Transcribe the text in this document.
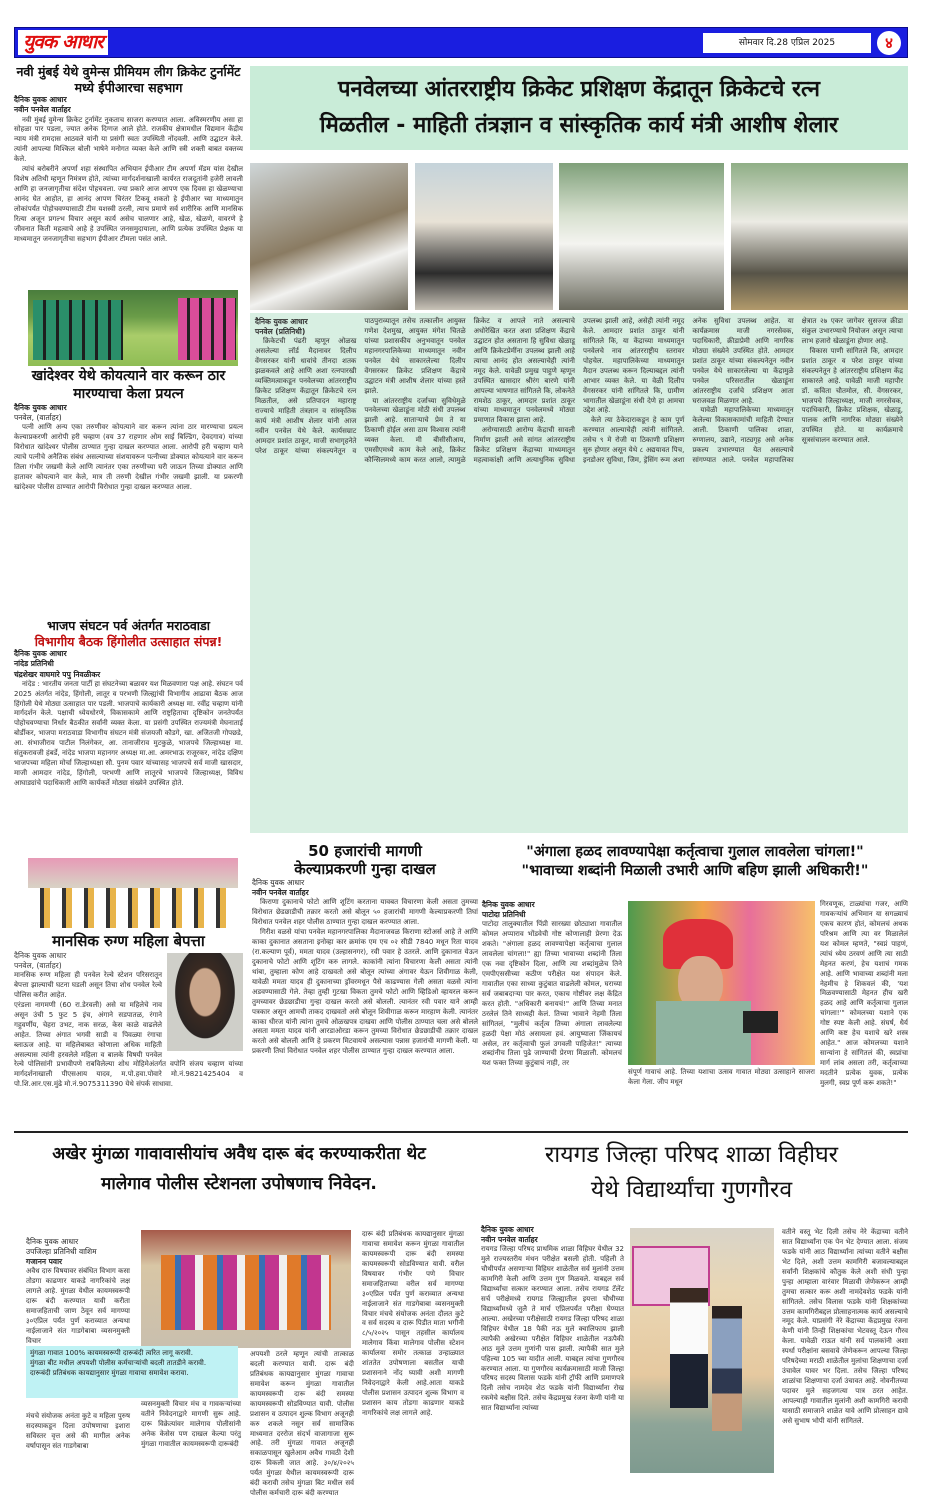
युवक आधार	सोमवार दि.28 एप्रिल 2025	४
नवी मुंबई येथे वुमेन्स प्रीमियम लीग क्रिकेट टुर्नामेंट मध्ये ईपीआरचा सहभाग
दैनिक युवक आधार
नवीन पनवेल वार्ताहर

नवी मुंबई वुमेन्स क्रिकेट टुर्नामेंट नुकताच साजरा करण्यात आला. अविस्मरणीय असा हा सोहळा पार पडला, ज्यात अनेक दिग्गज आले होते. राजकीय क्षेत्रामधील विद्यमान केंद्रीय न्याय मंत्री रामदास आठवले यांनी या प्रसंगी स्वतः उपस्थिती नोंदवली. आणि उद्घाटन केले. त्यांनी आपल्या मिश्किल बोली भाषेने मनोगत व्यक्त केले आणि स्त्री शक्ती बाबत वक्तव्य केले.

त्यांचं बरोबरीने अपर्णा शहा संस्थापित अभियान ईपीआर टीम अपर्णा मॅडम यांस देखील विशेष अतिथी म्हणून निमंत्रण होते, त्यांच्या मार्गदर्शनाखाली कार्यरत राजदूतांनी हजेरी लावली आणि हा जनजागृतीचा संदेश पोहचवला. ज्या प्रकारे आज आपण एक दिवस हा खेळण्याचा आनंद घेत आहोत, हा आनंद आपण चिरंतर टिकवू शकतो हे ईपीआर च्या माध्यमातुन लोकांपर्यंत पोहोचवण्यासाठी टीम यशस्वी ठरली, त्याच प्रमाणे सर्व शारीरिक आणि मानसिक रित्या अजून प्रगल्भ विचार असून कार्य असेच चालणार आहे, खेळ, खेळणे, वावरणे हे जीवनात किती महत्वाचे आहे हे उपस्थित जनसमुदायाला, आणि प्रत्येक उपस्थित प्रेक्षक या माध्यमातून जनजागृतीचा सहभाग ईपीआर टीमला पसंत आले.

खांदेश्वर येथे कोयत्याने वार करून ठार मारण्याचा केला प्रयत्न
दैनिक युवक आधार
पनवेल, (वार्ताहर)

पत्नी आणि अन्य एका तरुणीवर कोयत्याने वार करून त्यांना ठार मारण्याचा प्रयत्न केल्याप्रकरणी आरोपी हरी चव्हाण (वय 37 राहणार ओम साई बिल्डिंग, देवदगाव) यांच्या विरोधात खांदेश्वर पोलीस ठाण्यात गुन्हा दाखल करण्यात आला. आरोपी हरी चव्हाण याने त्याचे पत्नीचे अनैतिक संबंध असल्याच्या संशयावरून पत्नीच्या डोक्यात कोयत्याने वार करून तिला गंभीर जखमी केले आणि त्यानंतर एका तरुणीच्या घरी जाऊन तिच्या डोक्यात आणि हातावर कोयत्याने वार केले, मात्र ती तरुणी देखील गंभीर जखमी झाली. या प्रकरणी खांदेश्वर पोलीस ठाण्यात आरोपी विरोधात गुन्हा दाखल करण्यात आला.

भाजप संघटन पर्व अंतर्गत मराठवाडा
विभागीय बैठक हिंगोलीत उत्साहात संपन्न!
दैनिक युवक आधार
नांदेड प्रतिनिधी
चंद्रशेखर वाघमारे पपु निवळीकर

नांदेड : भारतीय जनता पार्टी हा संघटनेच्या बळावर यश मिळवणारा पक्ष आहे. संघटन पर्व 2025 अंतर्गत नांदेड, हिंगोली, लातूर व परभणी जिल्ह्यांची विभागीय आढावा बैठक आज हिंगोली येथे मोठ्या उत्साहात पार पडली. भाजपाचे कार्यकारी अध्यक्ष मा. रवींद्र चव्हाण यांनी मार्गदर्शन केले. पक्षाची ध्येयधोरणे, विकासकामे आणि राष्ट्रहिताचा दृष्टिकोन जनतेपर्यंत पोहोचवण्याचा निर्धार बैठकीत सर्वांनी व्यक्त केला. या प्रसंगी उपस्थित राज्यमंत्री मेघनाताई बोर्डीकर, भाजपा मराठवाडा विभागीय संघटन मंत्री संजयजी कौडगे, खा. अजितजी गोपछडे, आ. संभाजीराव पाटील निलंगेकर, आ. तानाजीराव मुटकुळे, भाजपचे जिल्हाध्यक्ष मा. संतुकरावजी हंबर्डे, नांदेड भाजपा महानगर अध्यक्ष मा.आ. अमरभाऊ राजूरकर, नांदेड दक्षिण भाजपच्या महिला मोर्चा जिल्हाध्यक्षा सौ. पुनम पवार यांच्यासह भाजपचे सर्व माजी खासदार, माजी आमदार नांदेड, हिंगोली, परभणी आणि लातूरचे भाजपचे जिल्हाध्यक्ष, विविध आघाड्यांचे पदाधिकारी आणि कार्यकर्ते मोठ्या संख्येने उपस्थित होते.

मानसिक रुग्ण महिला बेपत्ता
दैनिक युवक आधार
पनवेल, (वार्ताहर)

मानसिक रुग्ण महिला ही पनवेल रेल्वे स्टेशन परिसरातून बेपत्ता झाल्याची घटना घडली असून तिचा शोध पनवेल रेल्वे पोलिस करीत आहेत.

एरंडला नागमणी (60 रा.डेरवली) असे या महिलेचे नाव असून उंची 5 फुट 5 इंच, अंगाने सडपातळ, रंगाने गहुवर्णीय, चेहरा उभट, नाक सरळ, केस काळे वाढलेले आहेत. तिच्या अंगात भगवी साडी व पिवळ्या रंगाचा ब्लाऊज आहे. या महिलेबाबत कोणाला अधिक माहिती असल्यास त्यांनी हरवलेले महिला व बालके विषयी पनवेल रेल्वे पोलिसांनी प्रभावीपणे राबविलेल्या शोध मोहिमेअंतर्गत वपोनि संजय चव्हाण यांच्या मार्गदर्शनाखाली पीएसआय यादव, म.पो.हवा.पोवारे मो.नं.9821425404 व पो.शि.आर.एस.मुंढे मो.नं.9075311390 येथे संपर्क साधावा.

पनवेलच्या आंतरराष्ट्रीय क्रिकेट प्रशिक्षण केंद्रातून क्रिकेटचे रत्न
मिळतील - माहिती तंत्रज्ञान व सांस्कृतिक कार्य मंत्री आशीष शेलार
दैनिक युवक आधार
पनवेल (प्रतिनिधी)

क्रिकेटची पंढरी म्हणून ओळख असलेल्या लॉर्ड मैदानावर दिलीप वेंगसरकर यांनी धावांचे तीनदा शतक झळकवले आहे आणि अशा रत्नपारखी व्यक्तिमत्वाकडून पनवेलच्या आंतरराष्ट्रीय क्रिकेट प्रशिक्षण केंद्रातून क्रिकेटचे रत्न मिळतील, असे प्रतिपादन महाराष्ट्र राज्याचे माहिती तंत्रज्ञान व सांस्कृतिक कार्य मंत्री आशीष शेलार यांनी आज नवीन पनवेल येथे केले. कार्यसम्राट आमदार प्रशांत ठाकूर, माजी सभागृहनेते परेश ठाकूर यांच्या संकल्पनेतून व पाठपुराव्यातून तसेच तत्कालीन आयुक्त गणेश देशमुख, आयुक्त मंगेश चितळे यांच्या प्रशासकीय अनुभवातून पनवेल महानगरपालिकेच्या माध्यमातून नवीन पनवेल येथे साकारलेल्या दिलीप वेंगसरकर क्रिकेट प्रशिक्षण केंद्राचे उद्घाटन मंत्री आशीष शेलार यांच्या हस्ते झाले.

या आंतरराष्ट्रीय दर्जाच्या सुविधेमुळे पनवेलच्या खेळाडूंना मोठी संधी उपलब्ध झाली आहे. साताऱ्याचे प्रेम ते या ठिकाणी होईल असा ठाम विश्वास त्यांनी व्यक्त केला. मी बीसीसीआय, एमसीएमध्ये काम केले आहे, क्रिकेट कौन्सिलमध्ये काम करत आलो, त्यामुळे क्रिकेट व आपले नाते असल्याचे अधोरेखित करत अशा प्रशिक्षण केंद्राचे उद्घाटन होत असताना हि सुविधा खेळाडू आणि क्रिकेटप्रेमींना उपलब्ध झाली आहे त्याचा आनंद होत असल्याचेही त्यांनी नमूद केले. यावेळी प्रमुख पाहुणे म्हणून उपस्थित खासदार श्रीरंग बारणे यांनी आपल्या भाषणात सांगितले कि, लोकनेते रामशेठ ठाकूर, आमदार प्रशांत ठाकूर यांच्या माध्यमातून पनवेलमध्ये मोठ्या प्रमाणात विकास झाला आहे.

अरोग्यासाठी आरोग्य केंद्राची सावली निर्माण झाली असे सांगत आंतरराष्ट्रीय क्रिकेट प्रशिक्षण केंद्राच्या माध्यमातून महत्वाकांक्षी आणि अत्याधुनिक सुविधा उपलब्ध झाली आहे, असेही त्यांनी नमूद केले. आमदार प्रशांत ठाकूर यांनी सांगितले कि, या केंद्राच्या माध्यमातून पनवेलचे नाव आंतरराष्ट्रीय स्तरावर पोहचेल. महापालिकेच्या माध्यमातून मैदान उपलब्ध करून दिल्याबद्दल त्यांनी आभार व्यक्त केले. या वेळी दिलीप वेंगसरकर यांनी सांगितले कि, ग्रामीण भागातील खेळाडूंना संधी देणे हा आमचा उद्देश आहे.

केले त्या ठेकेदाराकडून हे काम पूर्ण करण्यात आल्याचेही त्यांनी सांगितले. तसेच ९ मे रोजी या ठिकाणी प्रशिक्षण सुरु होणार असून येथे ८ अद्ययावत पिच, इनडोअर सुविधा, जिम, ड्रेसिंग रूम अशा अनेक सुविधा उपलब्ध आहेत. या कार्यक्रमास माजी नगरसेवक, पदाधिकारी, क्रीडाप्रेमी आणि नागरिक मोठ्या संख्येने उपस्थित होते. आमदार प्रशांत ठाकूर यांच्या संकल्पनेतून नवीन पनवेल येथे साकारलेल्या या केंद्रामुळे पनवेल परिसरातील खेळाडूंना आंतरराष्ट्रीय दर्जाचे प्रशिक्षण आता घराजवळ मिळणार आहे.

यावेळी महापालिकेच्या माध्यमातून केलेल्या विकासकामांची माहिती देण्यात आली. ठिकाणी पालिका शाळा, रुग्णालय, उद्याने, नाट्यगृह असे अनेक प्रकल्प उभारण्यात येत असल्याचे सांगण्यात आले. पनवेल महापालिका क्षेत्रात २७ एकर जागेवर सुसज्ज क्रीडा संकुल उभारण्याचे नियोजन असून त्याचा लाभ हजारो खेळाडूंना होणार आहे.

विकास पाणी सांगितले कि, आमदार प्रशांत ठाकूर व परेश ठाकूर यांच्या संकल्पनेतून हे आंतरराष्ट्रीय प्रशिक्षण केंद्र साकारले आहे. यावेळी माजी महापौर डॉ. कविता चौतमोल, सी. वेंगसरकर, भाजपचे जिल्हाध्यक्ष, माजी नगरसेवक, पदाधिकारी, क्रिकेट प्रशिक्षक, खेळाडू, पालक आणि नागरिक मोठ्या संख्येने उपस्थित होते. या कार्यक्रमाचे सूत्रसंचालन करण्यात आले.

50 हजारांची मागणी
केल्याप्रकरणी गुन्हा दाखल
दैनिक युवक आधार
नवीन पनवेल वार्ताहर

किराणा दुकानाचे फोटो आणि शूटिंग करताना यावबत विचारणा केली असता तुमच्या विरोधात छेडछाडीची तक्रार करतो असे बोलून ५० हजारांची मागणी केल्याप्रकरणी तिघां विरोधात पनवेल शहर पोलीस ठाण्यात गुन्हा दाखल करण्यात आला.

गिरीश वळसे यांचा पनवेल महानगरपालिका मैदानाजवळ किराणा स्टोअर्स आहे ते आणि काका दुकानात असताना इनोव्हा कार क्रमांक एम एच ०२ सीडी 7840 मधून रिता यादव (रा.कल्याण पूर्व), ममता यादव (उल्हासनगर), रवी पवार हे उतरले. आणि दुकानात येऊन दुकानाचे फोटो आणि शूटिंग करु लागले. काकांनी त्यांना विचारणा केली असता त्यांनी थांबा, तुम्हाला कोण आहे दाखवतो असे बोलून त्यांच्या अंगावर येऊन शिवीगाळ केली, यावेळी ममता यादव ही दुकानाच्या ड्रॉवरमधून पैसे काढण्यास गेली असता वळसे त्यांना अडवण्यासाठी गेले. तेव्हा तुम्ही गुटखा विकता तुमचे फोटो आणि व्हिडिओ व्हायरल करून तुमच्यावर छेडछाडीचा गुन्हा दाखल करतो असे बोलली. त्यानंतर रवी पवार याने आम्ही पत्रकार असून आमची ताकद दाखवतो असे बोलून शिवीगाळ करून मारहाण केली. त्यानंतर काका धीरज यांनी त्यांना तुमचे ओळखपत्र दाखवा आणि पोलीस ठाण्यात चला असे बोलले असता ममता यादव यांनी आरडाओरडा करून तुमच्या विरोधात छेडछाडीची तक्रार दाखल करतो असे बोलली आणि हे प्रकरण मिटवायचे असल्यास पन्नास हजारांची मागणी केली. या प्रकरणी तिघां विरोधात पनवेल शहर पोलीस ठाण्यात गुन्हा दाखल करण्यात आला.

"अंगाला हळद लावण्यापेक्षा कर्तृत्वाचा गुलाल लावलेला चांगला!"
"भावाच्या शब्दांनी मिळाली उभारी आणि बहिण झाली अधिकारी!"
दैनिक युवक आधार
पाटोदा प्रतिनिधी

पाटोदा तालुक्यातील पिंप्री सारख्या छोट्याशा गावातील कोमल अप्पाराव भोंडवेची गोष्ट कोणालाही प्रेरणा देऊ शकते। "अंगाला हळद लावण्यापेक्षा कर्तृत्वाचा गुलाल लावलेला चांगला!" ह्या तिच्या भावाच्या शब्दांनी तिला एक नवा दृष्टिकोन दिला, आणि त्या शब्दांमुळेच तिने एमपीएससीच्या कठीण परीक्षेत यश संपादन केले. गावातील एका साध्या कुटुंबात वाढलेली कोमल, घराच्या सर्व जबाबदाऱ्या पार करत, एकाच गोष्टीवर लक्ष केंद्रित करत होती. "अधिकारी बनायचं!" आणि तिच्या मनात ठरलेलं तिने साध्यही केलं. तिच्या भावाने नेहमी तिला सांगितलं, "मुलीचं कर्तृत्व तिच्या अंगाला लावलेल्या हळदी पेक्षा मोठं असायला हवं. आयुष्याला जिंकायचं असेल, तर कर्तृत्वाची फुलं उगवली पाहिजेत!" त्याच्या शब्दांनीच तिला पुढे जाण्याची प्रेरणा मिळाली. कोमलचं यश फक्त तिच्या कुटुंबाचं नाही, तर

संपूर्ण गावाचं आहे. तिच्या यशाचा उत्सव गावात मोठ्या उत्साहाने साजरा केला गेला. जीप मधून
गिरवणूक, टाळ्यांचा गजर, आणि गावकऱ्यांचं अभिमान या सगळ्याचं एकच कारण होतं, कोमलचं अथक परिश्रम आणि त्या वर मिळालेलं यश कोमल म्हणते, "स्वप्नं पाहणं, त्यांचं ध्येय ठरवणं आणि त्या साठी मेहनत करणं, हेच यशाचं गमक आहे. आणि भावाच्या शब्दांनी मला नेहमीच हे शिकवलं की, 'यश मिळवण्यासाठी मेहनत हीच खरी हळद आहे आणि कर्तृत्वाचा गुलाल चांगला!'" कोमलच्या यशाने एक गोष्ट स्पष्ट केली आहे. संघर्ष, धैर्य आणि कष्ट हेच यशाचे खरे शस्त्र आहेत." आज कोमलच्या यशाने सान्यांना हे सांगितलं की, स्वप्नांचा मार्ग लांब असला तरी, कर्तृत्वाच्या मदतीने प्रत्येक युवक, प्रत्येक मुलगी, स्वप्न पूर्ण करू शकते!"
अखेर मुंगळा गावावासीयांच अवैध दारू बंद करण्याकरीता थेट
मालेगाव पोलीस स्टेशनला उपोषणाच निवेदन.
दैनिक युवक आधार
उपजिल्हा प्रतिनिधी वाशिम
गजानन पवार
अवैध दारु विषयावर संबंधित विभाग कसा तोडगा काढणार याकडे नागरिकांचे लक्ष लागले आहे. मुंगळा येथील कायमस्वरूपी दारू बंदी करण्यात यावी करीता समाजहिताची जाण ठेवून सर्व मागण्या ३०एप्रिल पर्यंत पुर्ण कराव्यात अन्यथा नाईलाजाने संत गाडगेबाबा व्यसनमुक्ती विचार
मुंगळा गावात 100% कायमस्वरूपी दारूबंदी त्वरित लागू करावी.
मुंगळा बीट मधील अपयशी पोलीस कर्मचाऱ्यांची बदली तातडीने करावी.
दारूबंदी प्रतिबंधक कायद्यानुसार मुंगळा गावाचा समावेश करावा.
मंचचे संयोजक अनंता कुटे व महिला पुरुष सदस्याकडून दिला उपोषणाचा इशारा सविस्तर वृत्त असे की मागील अनेक वर्षापासून संत गाडगेबाबा
व्यसनमुक्ती विचार मंच व गावकऱ्यांच्या वतीने निवेदनाद्वारे मागणी सुरू आहे. दारू विक्रेत्यांवर मालेगाव पोलीसांनी अनेक केसेस पण दाखल केल्या परंतु मुंगळा गावातील कायमस्वरूपी दारूबंदी
अपयशी ठरले म्हणून त्यांची तात्काळ बदली करण्यात यावी. दारू बंदी प्रतिबंधक कायद्यानुसार मुंगळा गावाचा समावेश करून मुंगळा गावातील कायमस्वरूपी दारू बंदी समस्या कायमस्वरूपी सोडविण्यात यावी. पोलीस प्रशासन व उत्पादन शुल्क विभाग अजूनही करु शकले नसून सर्व सामाजिक माध्यमात दररोज संदर्भ वाजागाजा सुरू आहे. तरी मुंगळा गावात अजूनही सकाळपासून खुलेआम अवैध गावठी देशी दारू विकली जात आहे. ३०/४/२०२५ पर्यंत मुंगळा येथील कायमस्वरूपी दारू बंदी करावी तसेच मुंगळा बिट मधील सर्व पोलीस कर्मचारी दारू बंदी करण्यात
दारू बंदी प्रतिबंधक कायद्यानुसार मुंगळा गावाचा समावेश करून मुंगळा गावातील कायमस्वरूपी दारू बंदी समस्या कायमस्वरूपी सोडविण्यात यावी. वरील विषयावर गंभीर पणे विचार समाजहिताच्या वरील सर्व मागण्या ३०एप्रिल पर्यंत पुर्ण कराव्यात अन्यथा नाईलाजाने संत गाडगेबाबा व्यसनमुक्ती विचार मंचचे संयोजक अनंता दौलत कुटे व सर्व सदस्य व दारू पिडीत माता भगीनी ८/५/२०२५ पासून तहसील कार्यालय मालेगाव किंवा मालेगाव पोलीस स्टेशन कार्यालया समोर तत्काळ उन्हाळ्यात शांततेत उपोषणाला बसतील याची प्रशासनाने नोंद घ्यावी अशी मागणी निवेदनाद्वारे केली आहे.आता याकडे पोलीस प्रशासन उत्पादन शुल्क विभाग व प्रशासन काय तोडगा काढणार याकडे नागरिकांचे लक्ष लागले आहे.
रायगड जिल्हा परिषद शाळा विहीघर
येथे विद्यार्थ्यांचा गुणगौरव
दैनिक युवक आधार
नवीन पनवेल वार्ताहर
रायगड जिल्हा परिषद प्राथमिक शाळा विहिघर येथील 32 मुले राज्यस्तरीय मंथन परीक्षेत बसली होती. पहिली ते चौथीपर्यंत असणाऱ्या विहिघर शाळेतील सर्व मुलांनी उत्तम कामगिरी केली आणि उत्तम गुण मिळवले. याबद्दल सर्व विद्यार्थ्यांचा सत्कार करण्यात आला. तसेच रायगड टॅलेंट सर्च परीक्षेमध्ये रायगड जिल्ह्यातील इयत्ता चौथीच्या विद्यार्थ्यांमध्ये जुलै ते मार्च एप्रिलपर्यंत परीक्षा घेण्यात आल्या. अखेरच्या परीक्षेसाठी रायगड जिल्हा परिषद शाळा विहिघर येथील 18 पैकी नऊ मुले क्वालिफाय झाली त्यापैकी अखेरच्या परीक्षेत विहिघर शाळेतील नऊपैकी आठ मुले उत्तम गुणांनी पास झाली. त्यापैकी सात मुले पहिल्या 105 च्या यादीत आली. याबद्दल त्यांचा गुणगौरव करण्यात आला. या गुणगौरव कार्यक्रमासाठी माजी जिल्हा परिषद सदस्य विलास फडके यांनी ट्रॉफी आणि प्रमाणपत्रे दिली तसेच नामदेव शेठ फडके यांनी विद्यार्थ्यांना रोख रकमेचे बक्षीस दिले. तसेच केंद्रप्रमुख रंजना केणी यांनी या सात विद्यार्थ्यांना त्यांच्या
वतीने वस्तू भेट दिली तसेच नेरे केंद्राच्या वतीने सात विद्यार्थ्यांना एक पेन भेट देण्यात आला. संजय फडके यांनी आठ विद्यार्थ्यांना त्यांच्या वतीने बक्षीस भेट दिले, अशी उत्तम कामगिरी बजावल्याबद्दल सर्वांनी शिक्षकांचे कौतुक केले अशी संधी पुन्हा पुन्हा आम्हाला वारंवार मिळावी जेणेकरून आम्ही तुमचा सत्कार करू अशी नामदेवशेठ फडके यांनी सांगितले. तसेच विलास फडके यांनी शिक्षकांच्या उत्तम कामगिरीबद्दल प्रोत्साहनात्मक कार्य असल्याचे नमूद केले. याप्रसंगी नेरे केंद्राच्या केंद्रप्रमुख रंजना केणी यांनी तिन्ही शिक्षकांचा भेटवस्तू देऊन गौरव केला. यावेळी राऊत यांनी सर्व पालकांनी अशा स्पर्धा परीक्षांना बसवावे जेणेकरून आपल्या जिल्हा परिषदेच्या मराठी शाळेतील मुलांचा शिक्षणाचा दर्जा उंचावेल यावर भर दिला. तसेच जिल्हा परिषद शाळांचा शिक्षणाचा दर्जा उंचावत आहे. नोवनीतच्या पदावर मुले सहजगत्या पात्र ठरत आहेत. आपल्याही गावातील मुलांनी अशी कामगिरी करावी यासाठी समाजाने शाळेत यावे आणि प्रोत्साहन द्यावे असे सुभाष भोपी यांनी सांगितले.
